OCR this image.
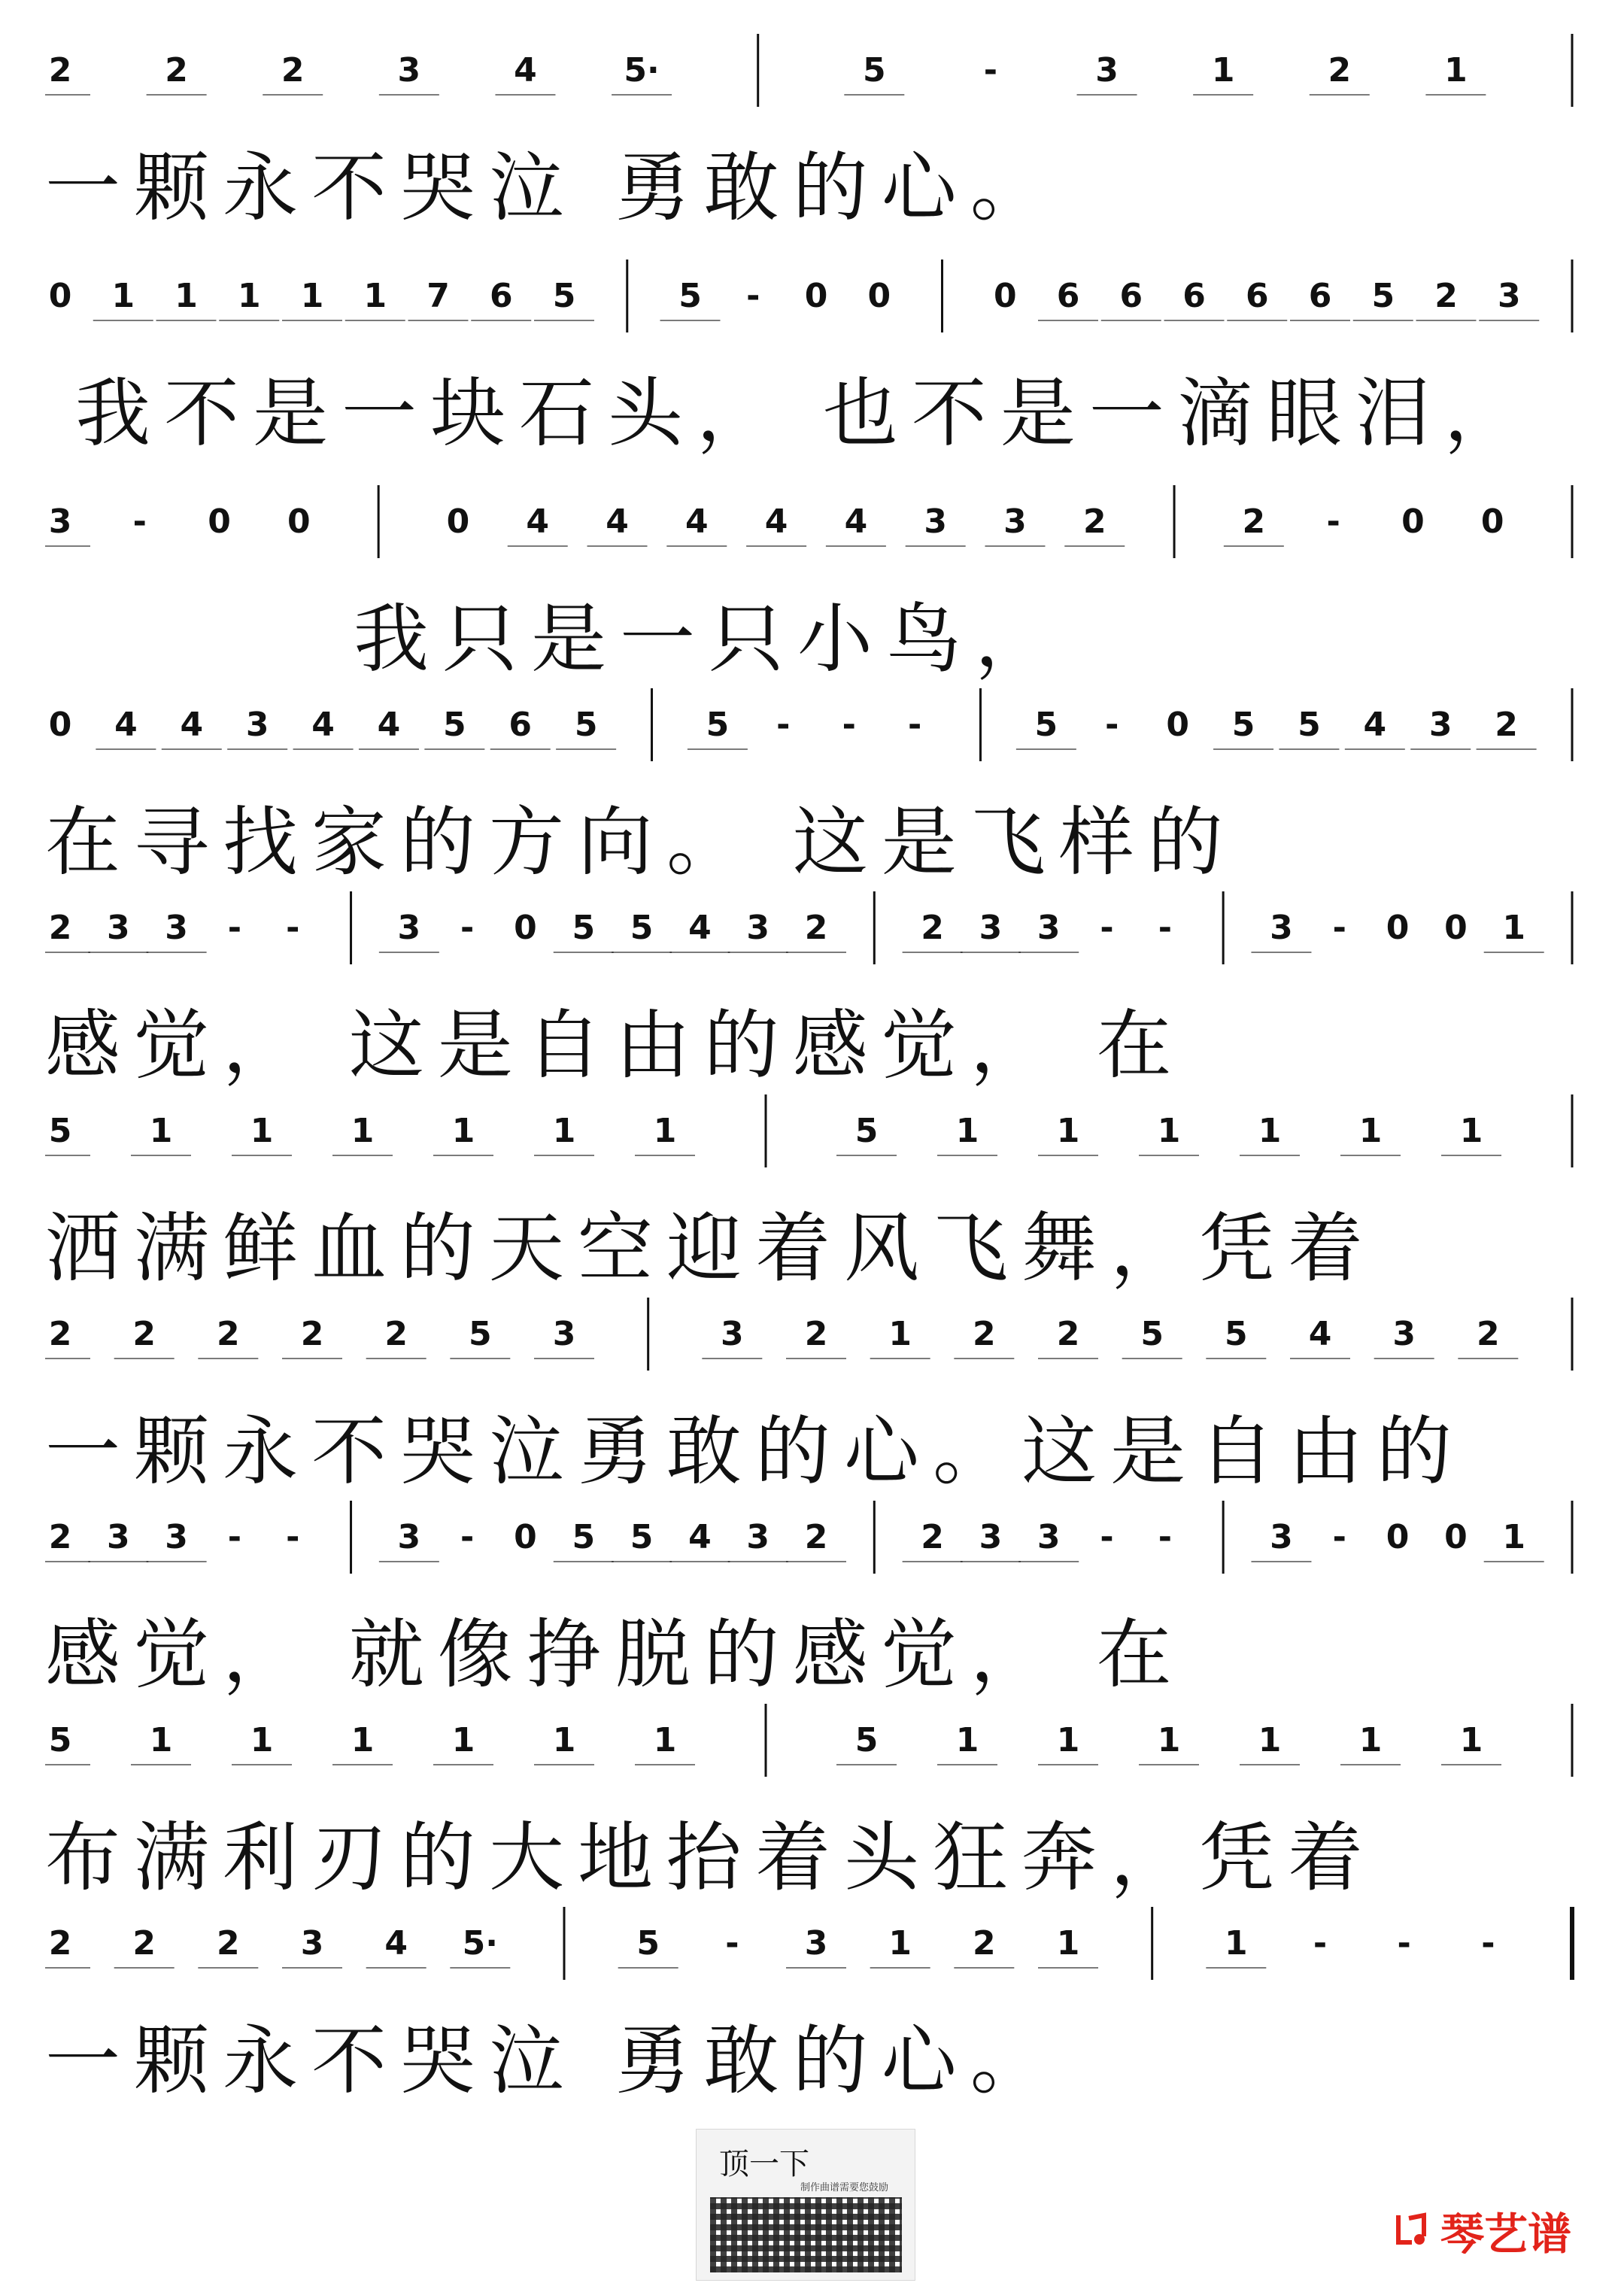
2	2	2	3	4	5·	5	-	3	1	2	1
一颗永不哭泣 勇敢的心。
0 1 1 1 1 1 7 6 5	5 - 0 0	0 6 6 6 6 6 5 2 3
我不是一块石头， 也不是一滴眼泪，
3 - 0 0	0 4 4 4 4 4 3 3 2	2 - 0 0
我只是一只小鸟，
0 4 4 3 4 4 5 6 5	5 - - -	5 - 0 5 5 4 3 2
在寻找家的方向。 这是飞样的
2 3 3 - -	3 - 0 5 5 4 3 2	2 3 3 - -	3 - 0 0 1
感觉， 这是自由的感觉， 在
5 1 1 1 1 1 1	5 1 1 1 1 1 1
洒满鲜血的天空迎着风飞舞，凭着
2 2 2 2 2 5 3	3 2 1 2 2 5 5 4 3 2
一颗永不哭泣勇敢的心。这是自由的
2 3 3 - -	3 - 0 5 5 4 3 2	2 3 3 - -	3 - 0 0 1
感觉， 就像挣脱的感觉， 在
5 1 1 1 1 1 1	5 1 1 1 1 1 1
布满利刃的大地抬着头狂奔，凭着
2 2 2 3 4 5·	5 - 3 1 2 1	1 - - -
一颗永不哭泣 勇敢的心。
顶一下
制作曲谱需要您鼓励
琴艺谱
